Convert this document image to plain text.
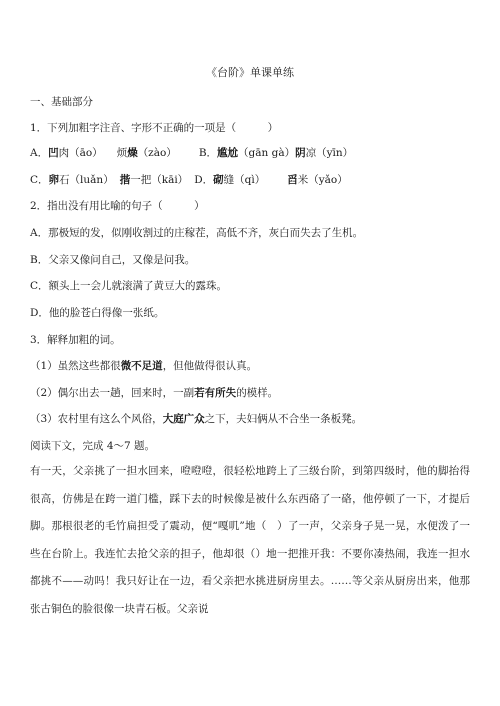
《台阶》单课单练
一、基础部分
1．下列加粗字注音、字形不正确的一项是（　　　）
A．凹肉（āo） 烦燥（zào） B．尴尬（gān gà）阴凉（yīn）
C．卵石（luǎn） 揩一把（kāi） D．砌缝（qì） 舀米（yǎo）
2．指出没有用比喻的句子（　　　）
A．那极短的发，似刚收割过的庄稼茬，高低不齐，灰白而失去了生机。
B．父亲又像问自己，又像是问我。
C．额头上一会儿就滚满了黄豆大的露珠。
D．他的脸苍白得像一张纸。
3．解释加粗的词。
（1）虽然这些都很微不足道，但他做得很认真。
（2）偶尔出去一趟，回来时，一副若有所失的模样。
（3）农村里有这么个风俗，大庭广众之下，夫妇俩从不合坐一条板凳。
阅读下文，完成 4～7 题。
有一天，父亲挑了一担水回来，噔噔噔，很轻松地跨上了三级台阶，到第四级时，他的脚抬得很高，仿佛是在跨一道门槛，踩下去的时候像是被什么东西硌了一硌，他停顿了一下，才提后脚。那根很老的毛竹扁担受了震动，便“嘎叽”地（　）了一声，父亲身子晃一晃，水便泼了一些在台阶上。我连忙去抢父亲的担子，他却很（）地一把推开我：不要你凑热闹，我连一担水都挑不——动吗！我只好让在一边，看父亲把水挑进厨房里去。……等父亲从厨房出来，他那张古铜色的脸很像一块青石板。父亲说
